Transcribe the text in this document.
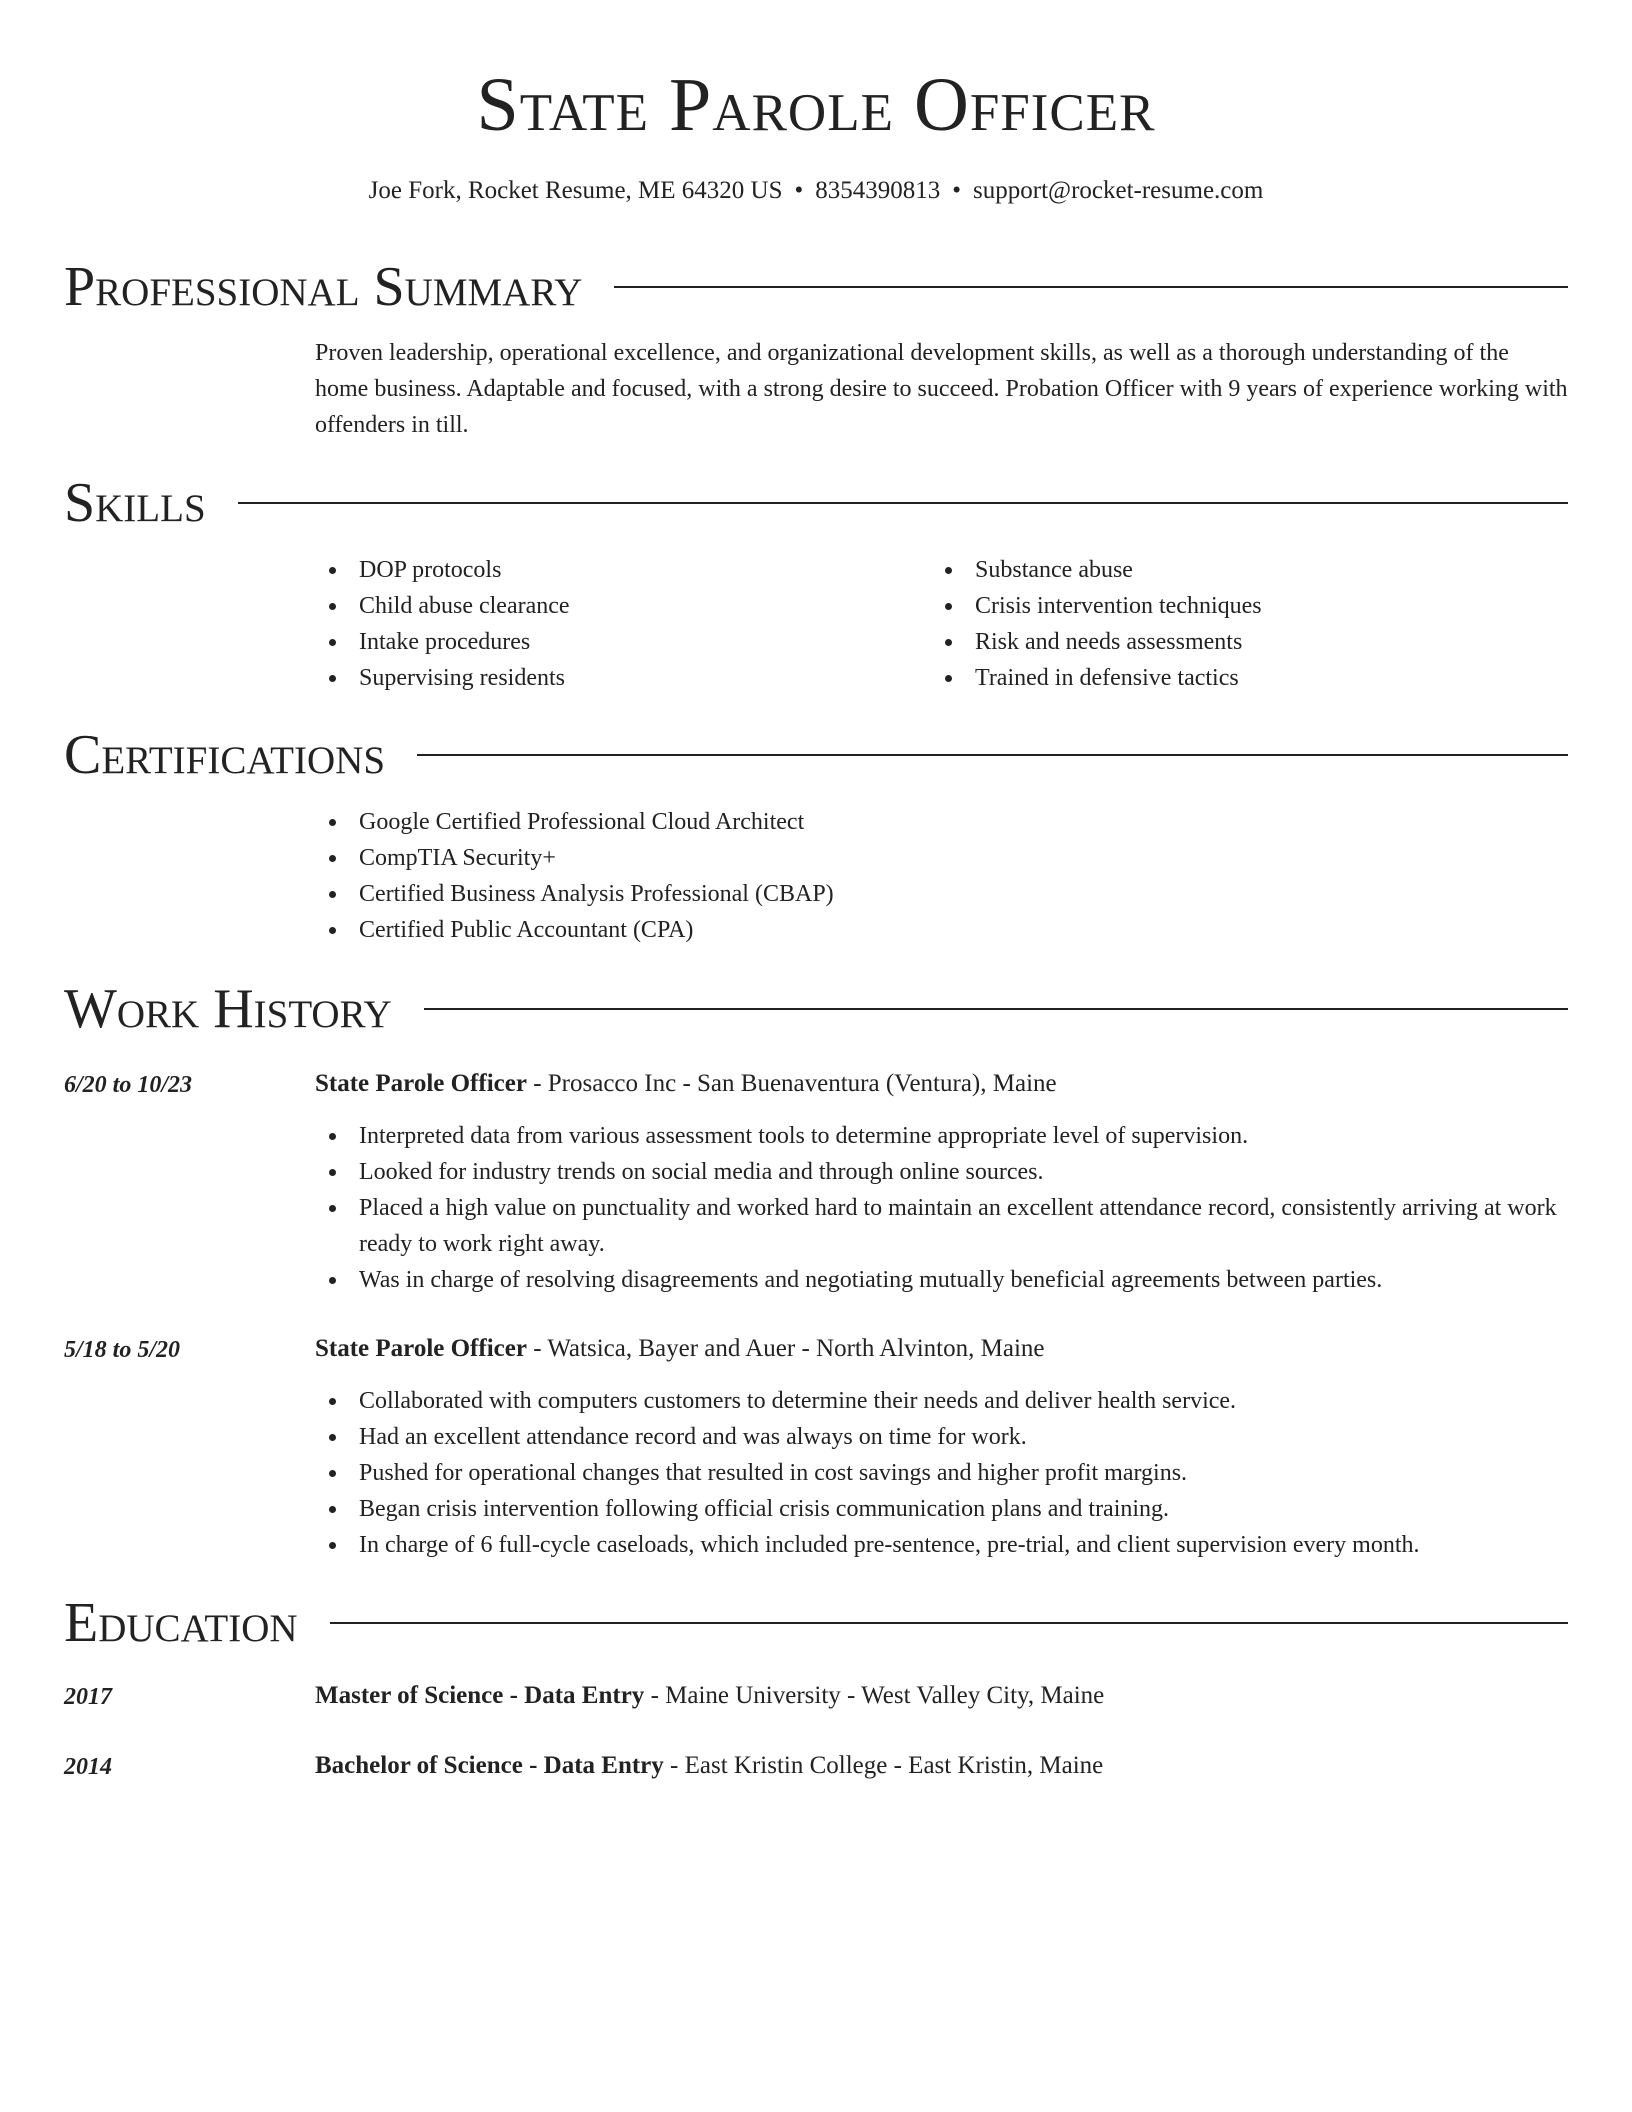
State Parole Officer
Joe Fork, Rocket Resume, ME 64320 US • 8354390813 • support@rocket-resume.com
Professional Summary

Proven leadership, operational excellence, and organizational development skills, as well as a thorough understanding of the home business. Adaptable and focused, with a strong desire to succeed. Probation Officer with 9 years of experience working with offenders in till.

Skills
DOP protocols
Child abuse clearance
Intake procedures
Supervising residents
Substance abuse
Crisis intervention techniques
Risk and needs assessments
Trained in defensive tactics
Certifications
Google Certified Professional Cloud Architect
CompTIA Security+
Certified Business Analysis Professional (CBAP)
Certified Public Accountant (CPA)
Work History
6/20 to 10/23	State Parole Officer - Prosacco Inc - San Buenaventura (Ventura), Maine
Interpreted data from various assessment tools to determine appropriate level of supervision.
Looked for industry trends on social media and through online sources.
Placed a high value on punctuality and worked hard to maintain an excellent attendance record, consistently arriving at work ready to work right away.
Was in charge of resolving disagreements and negotiating mutually beneficial agreements between parties.
5/18 to 5/20	State Parole Officer - Watsica, Bayer and Auer - North Alvinton, Maine
Collaborated with computers customers to determine their needs and deliver health service.
Had an excellent attendance record and was always on time for work.
Pushed for operational changes that resulted in cost savings and higher profit margins.
Began crisis intervention following official crisis communication plans and training.
In charge of 6 full-cycle caseloads, which included pre-sentence, pre-trial, and client supervision every month.
Education
2017	Master of Science - Data Entry - Maine University - West Valley City, Maine
2014	Bachelor of Science - Data Entry - East Kristin College - East Kristin, Maine
